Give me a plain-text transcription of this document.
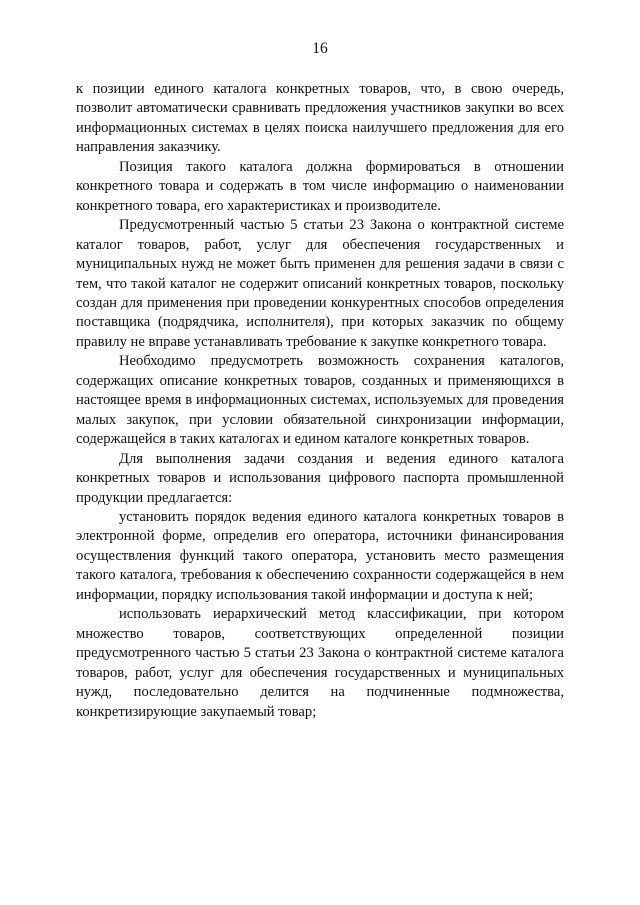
16

к позиции единого каталога конкретных товаров, что, в свою очередь, позволит автоматически сравнивать предложения участников закупки во всех информационных системах в целях поиска наилучшего предложения для его направления заказчику.

Позиция такого каталога должна формироваться в отношении конкретного товара и содержать в том числе информацию о наименовании конкретного товара, его характеристиках и производителе.

Предусмотренный частью 5 статьи 23 Закона о контрактной системе каталог товаров, работ, услуг для обеспечения государственных и муниципальных нужд не может быть применен для решения задачи в связи с тем, что такой каталог не содержит описаний конкретных товаров, поскольку создан для применения при проведении конкурентных способов определения поставщика (подрядчика, исполнителя), при которых заказчик по общему правилу не вправе устанавливать требование к закупке конкретного товара.

Необходимо предусмотреть возможность сохранения каталогов, содержащих описание конкретных товаров, созданных и применяющихся в настоящее время в информационных системах, используемых для проведения малых закупок, при условии обязательной синхронизации информации, содержащейся в таких каталогах и едином каталоге конкретных товаров.

Для выполнения задачи создания и ведения единого каталога конкретных товаров и использования цифрового паспорта промышленной продукции предлагается:

установить порядок ведения единого каталога конкретных товаров в электронной форме, определив его оператора, источники финансирования осуществления функций такого оператора, установить место размещения такого каталога, требования к обеспечению сохранности содержащейся в нем информации, порядку использования такой информации и доступа к ней;

использовать иерархический метод классификации, при котором множество товаров, соответствующих определенной позиции предусмотренного частью 5 статьи 23 Закона о контрактной системе каталога товаров, работ, услуг для обеспечения государственных и муниципальных нужд, последовательно делится на подчиненные подмножества, конкретизирующие закупаемый товар;
